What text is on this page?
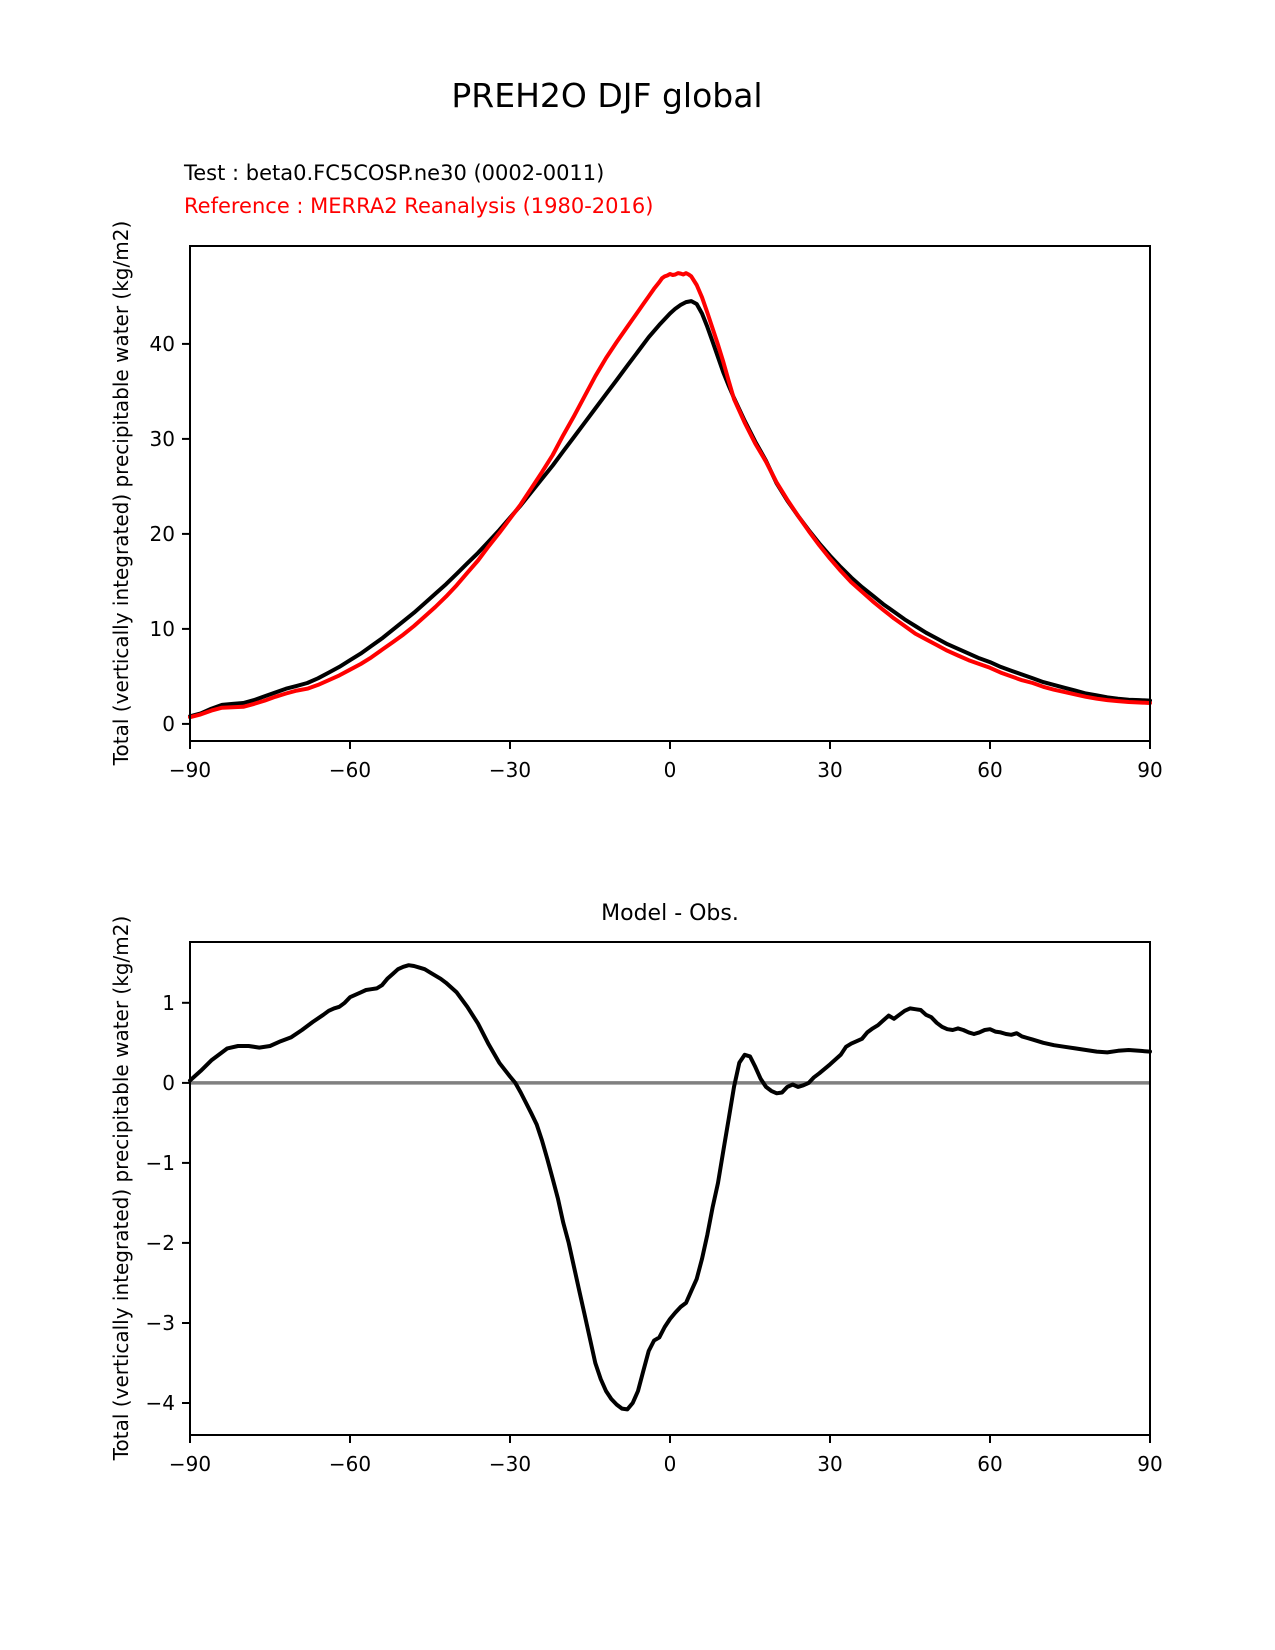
PREH2O DJF global
Test : beta0.FC5COSP.ne30 (0002-0011)
Reference : MERRA2 Reanalysis (1980-2016)
Total (vertically integrated) precipitable water (kg/m2)
Model - Obs.
Total (vertically integrated) precipitable water (kg/m2)
−90	−60	−30	0	30	60	90
0
10
20
30
40
−90	−60	−30	0	30	60	90
1
0
−1
−2
−3
−4
